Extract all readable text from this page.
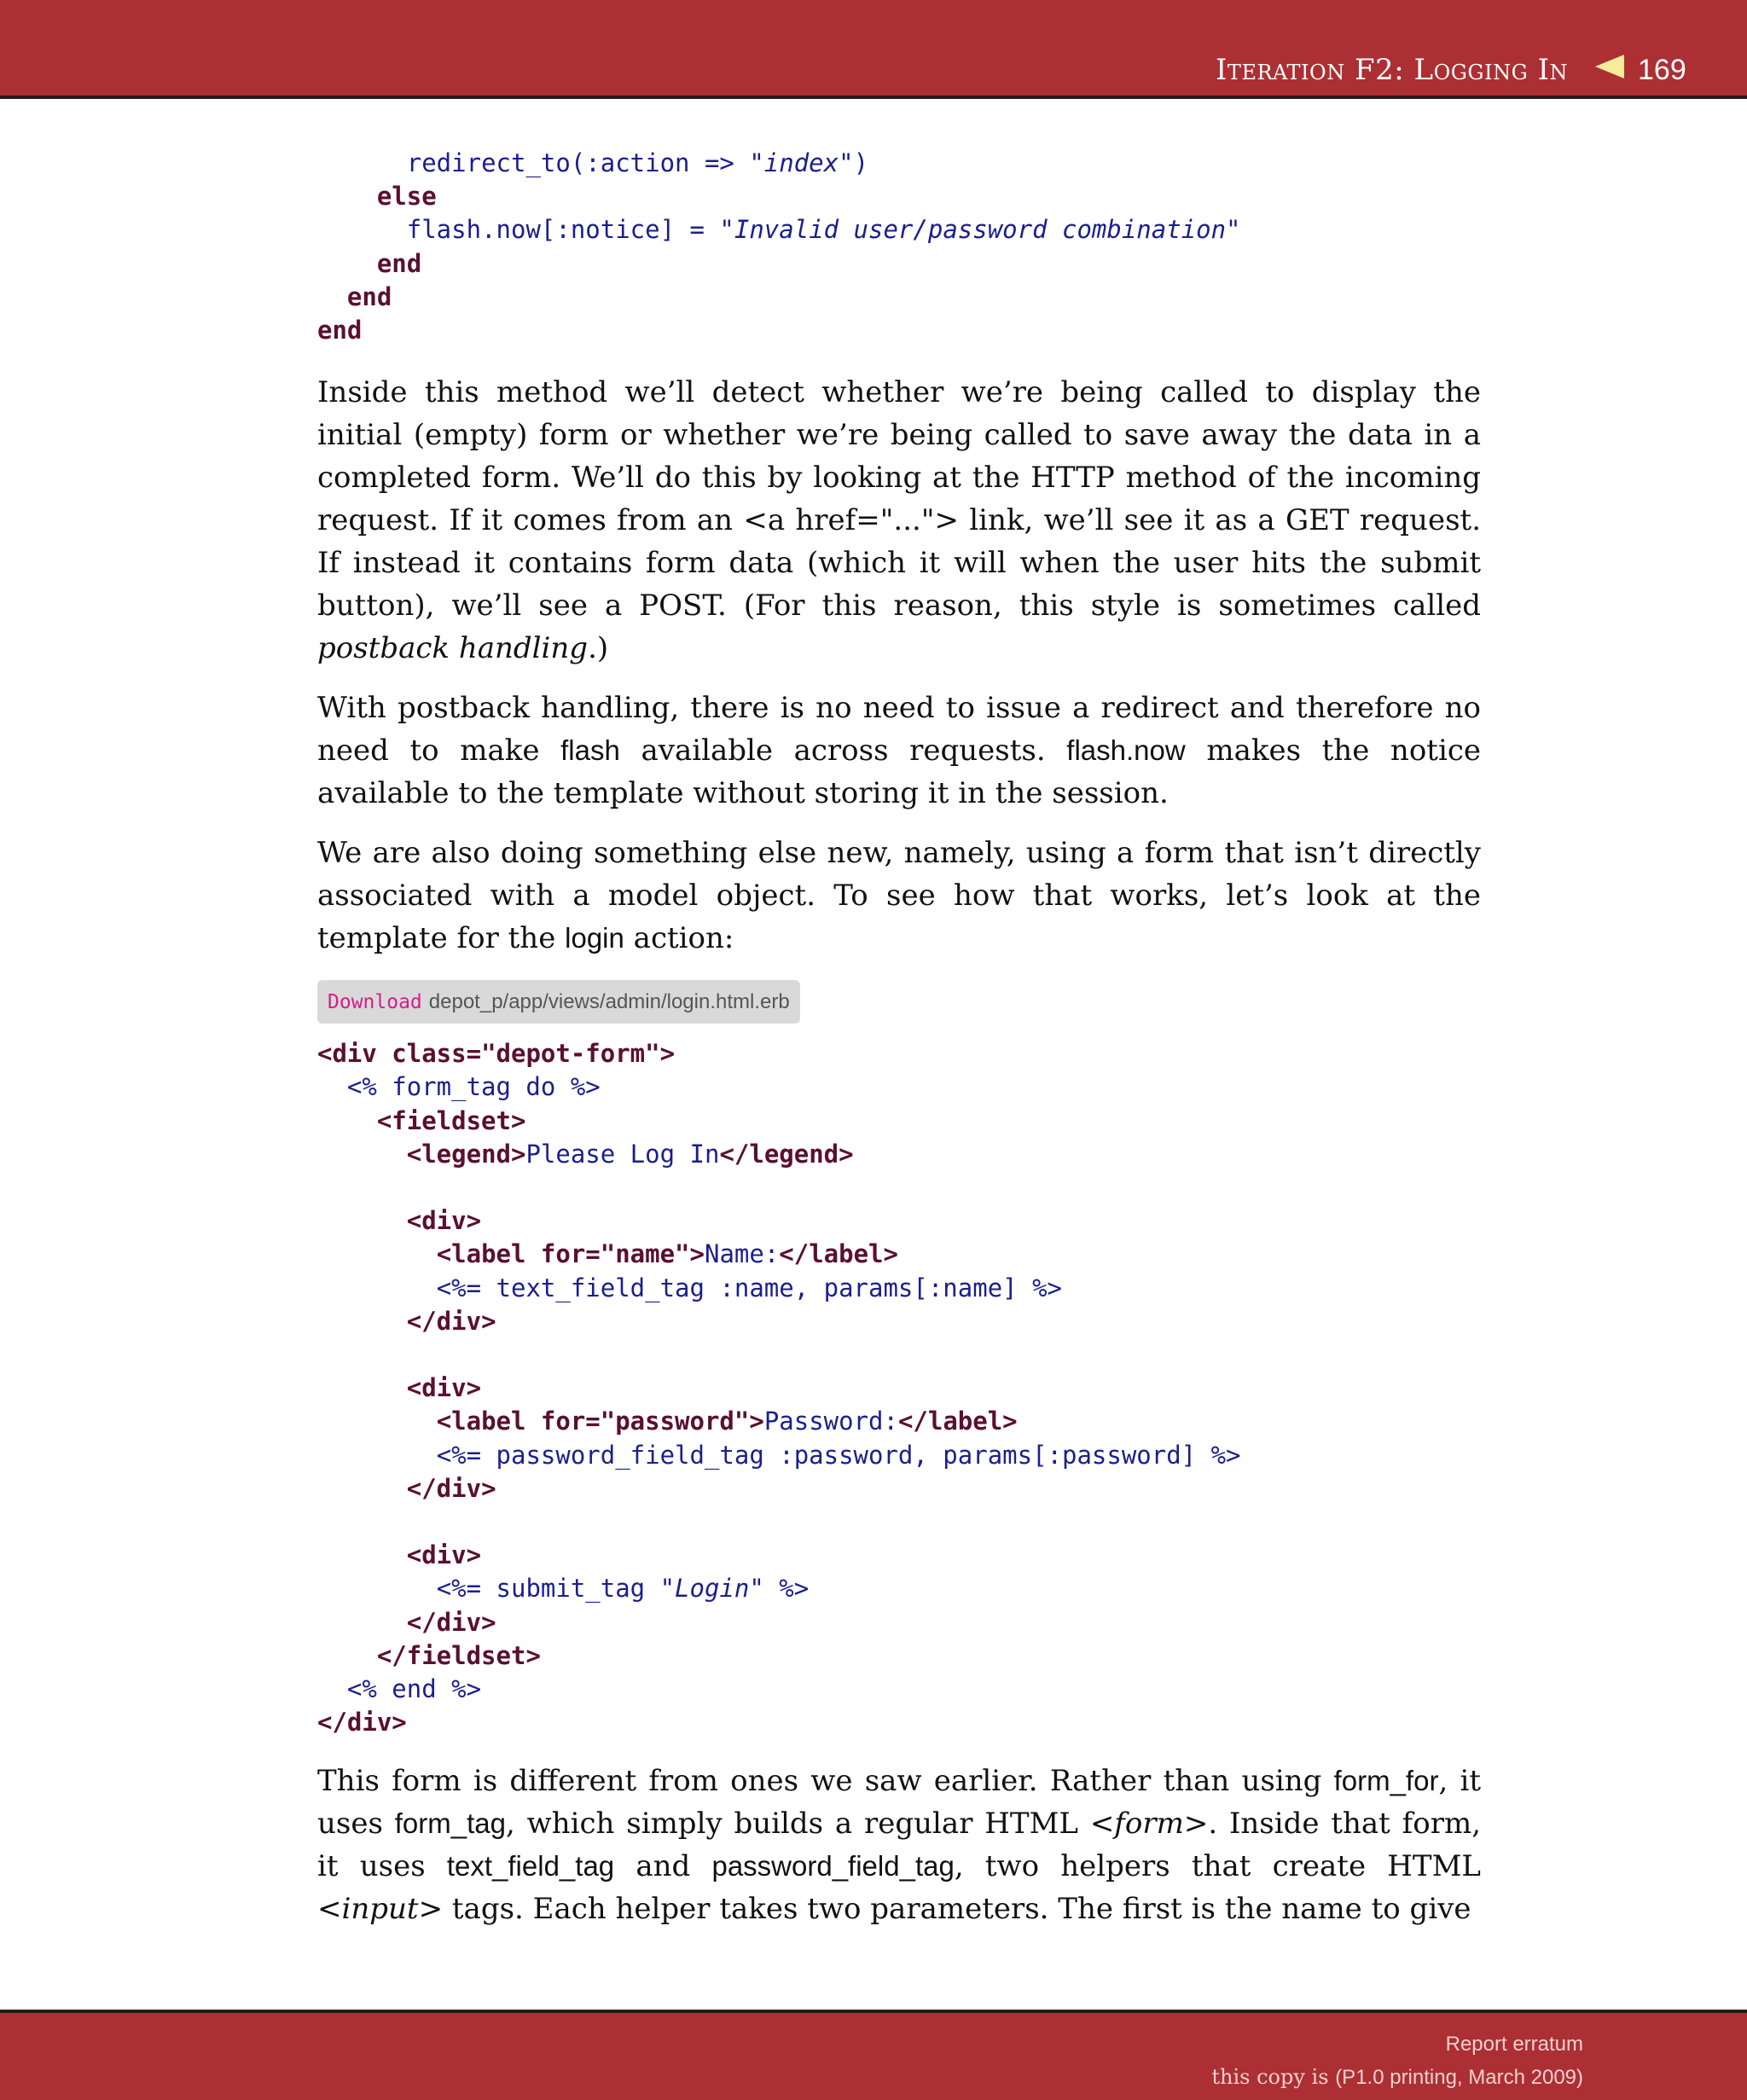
Iteration F2: Logging In 169
redirect_to(:action => "index")
else
flash.now[:notice] = "Invalid user/password combination"
end
end
end

Inside this method we’ll detect whether we’re being called to display the initial (empty) form or whether we’re being called to save away the data in a completed form. We’ll do this by looking at the HTTP method of the incoming request. If it comes from an <a href="..."> link, we’ll see it as a GET request. If instead it contains form data (which it will when the user hits the submit button), we’ll see a POST. (For this reason, this style is sometimes called postback handling.)

With postback handling, there is no need to issue a redirect and therefore no need to make flash available across requests. flash.now makes the notice available to the template without storing it in the session.

We are also doing something else new, namely, using a form that isn’t directly associated with a model object. To see how that works, let’s look at the template for the login action:

Download depot_p/app/views/admin/login.html.erb
<div class="depot-form">
<% form_tag do %>
<fieldset>
<legend>Please Log In</legend>

<div>
<label for="name">Name:</label>
<%= text_field_tag :name, params[:name] %>
</div>

<div>
<label for="password">Password:</label>
<%= password_field_tag :password, params[:password] %>
</div>

<div>
<%= submit_tag "Login" %>
</div>
</fieldset>
<% end %>
</div>

This form is different from ones we saw earlier. Rather than using form_for, it uses form_tag, which simply builds a regular HTML <form>. Inside that form, it uses text_field_tag and password_field_tag, two helpers that create HTML <input> tags. Each helper takes two parameters. The first is the name to give

Report erratum
this copy is (P1.0 printing, March 2009)
